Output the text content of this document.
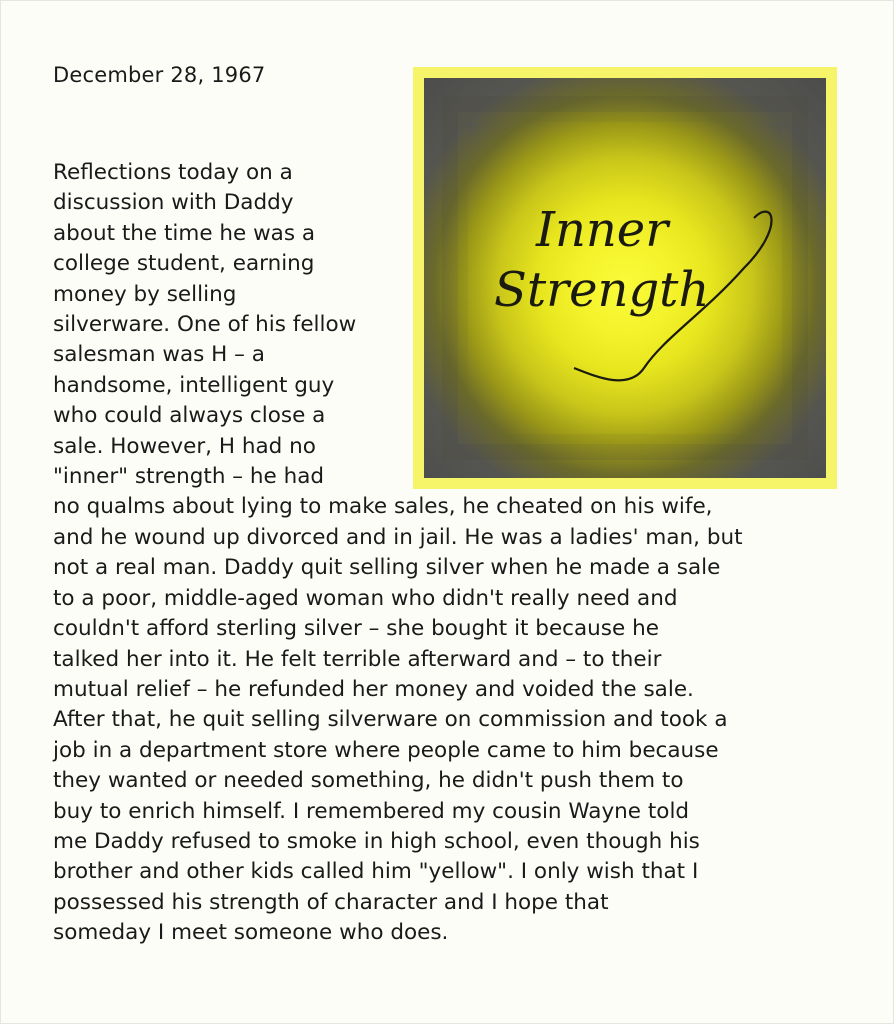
December 28, 1967
Inner
Strength

Reflections today on a

discussion with Daddy

about the time he was a

college student, earning

money by selling

silverware. One of his fellow

salesman was H – a

handsome, intelligent guy

who could always close a

sale. However, H had no

"inner" strength – he had

no qualms about lying to make sales, he cheated on his wife,

and he wound up divorced and in jail. He was a ladies' man, but

not a real man. Daddy quit selling silver when he made a sale

to a poor, middle-aged woman who didn't really need and

couldn't afford sterling silver – she bought it because he

talked her into it. He felt terrible afterward and – to their

mutual relief – he refunded her money and voided the sale.

After that, he quit selling silverware on commission and took a

job in a department store where people came to him because

they wanted or needed something, he didn't push them to

buy to enrich himself. I remembered my cousin Wayne told

me Daddy refused to smoke in high school, even though his

brother and other kids called him "yellow". I only wish that I

possessed his strength of character and I hope that

someday I meet someone who does.
